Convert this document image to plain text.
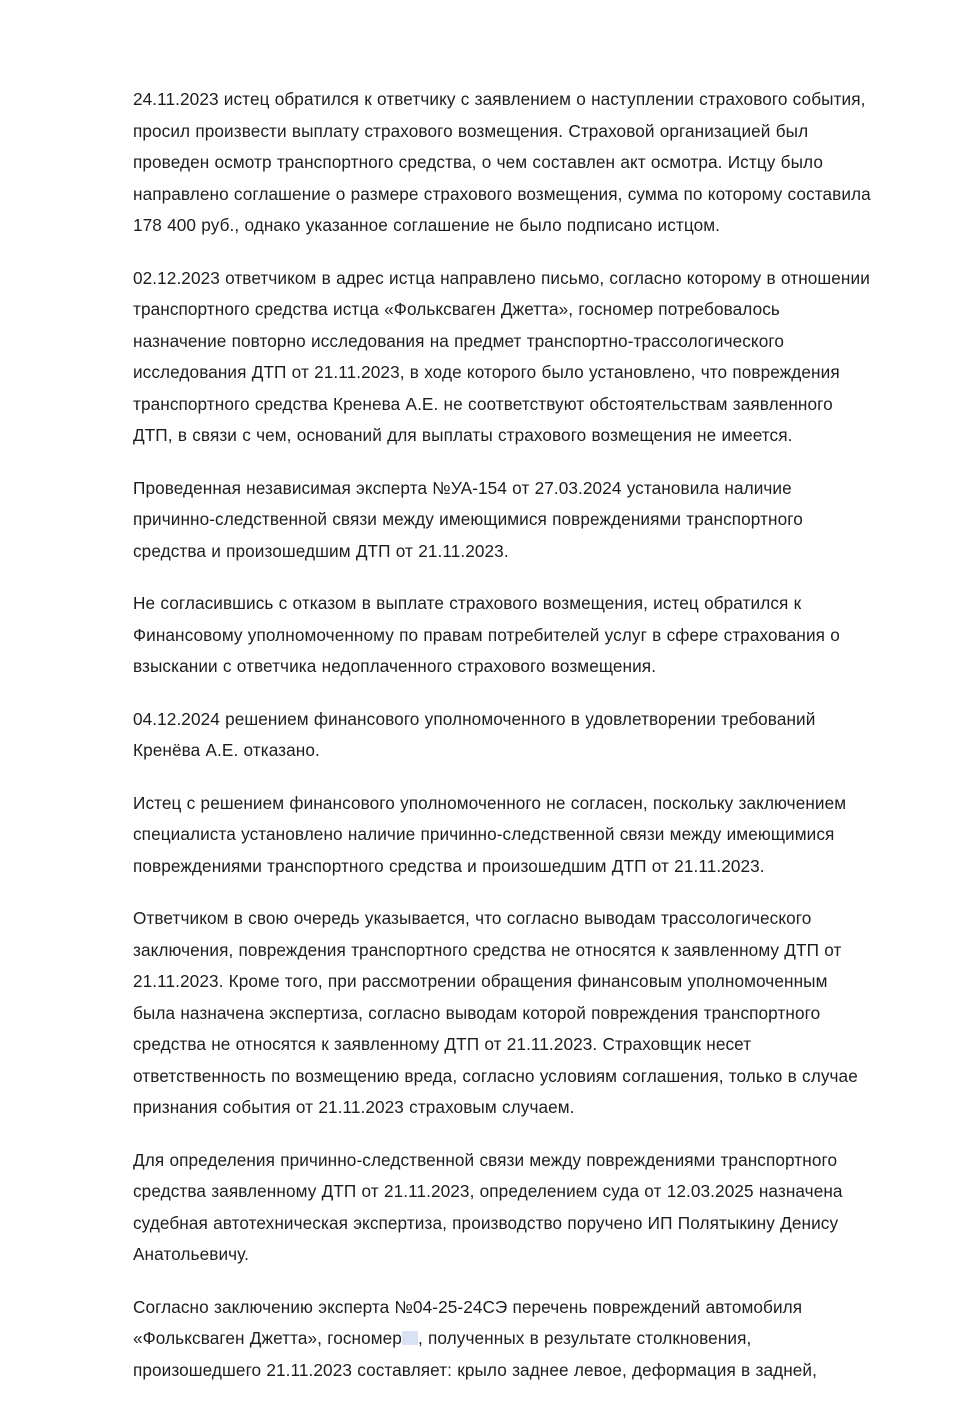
24.11.2023 истец обратился к ответчику с заявлением о наступлении страхового события, просил произвести выплату страхового возмещения. Страховой организацией был проведен осмотр транспортного средства, о чем составлен акт осмотра. Истцу было направлено соглашение о размере страхового возмещения, сумма по которому составила 178 400 руб., однако указанное соглашение не было подписано истцом.

02.12.2023 ответчиком в адрес истца направлено письмо, согласно которому в отношении транспортного средства истца «Фольксваген Джетта», госномер потребовалось назначение повторно исследования на предмет транспортно-трассологического исследования ДТП от 21.11.2023, в ходе которого было установлено, что повреждения транспортного средства Кренева А.Е. не соответствуют обстоятельствам заявленного ДТП, в связи с чем, оснований для выплаты страхового возмещения не имеется.

Проведенная независимая эксперта №УА-154 от 27.03.2024 установила наличие причинно-следственной связи между имеющимися повреждениями транспортного средства и произошедшим ДТП от 21.11.2023.

Не согласившись с отказом в выплате страхового возмещения, истец обратился к Финансовому уполномоченному по правам потребителей услуг в сфере страхования о взыскании с ответчика недоплаченного страхового возмещения.

04.12.2024 решением финансового уполномоченного в удовлетворении требований Кренёва А.Е. отказано.

Истец с решением финансового уполномоченного не согласен, поскольку заключением специалиста установлено наличие причинно-следственной связи между имеющимися повреждениями транспортного средства и произошедшим ДТП от 21.11.2023.

Ответчиком в свою очередь указывается, что согласно выводам трассологического заключения, повреждения транспортного средства не относятся к заявленному ДТП от 21.11.2023. Кроме того, при рассмотрении обращения финансовым уполномоченным была назначена экспертиза, согласно выводам которой повреждения транспортного средства не относятся к заявленному ДТП от 21.11.2023. Страховщик несет ответственность по возмещению вреда, согласно условиям соглашения, только в случае признания события от 21.11.2023 страховым случаем.

Для определения причинно-следственной связи между повреждениями транспортного средства заявленному ДТП от 21.11.2023, определением суда от 12.03.2025 назначена судебная автотехническая экспертиза, производство поручено ИП Полятыкину Денису Анатольевичу.

Согласно заключению эксперта №04-25-24СЭ перечень повреждений автомобиля «Фольксваген Джетта», госномер , полученных в результате столкновения, произошедшего 21.11.2023 составляет: крыло заднее левое, деформация в задней,
